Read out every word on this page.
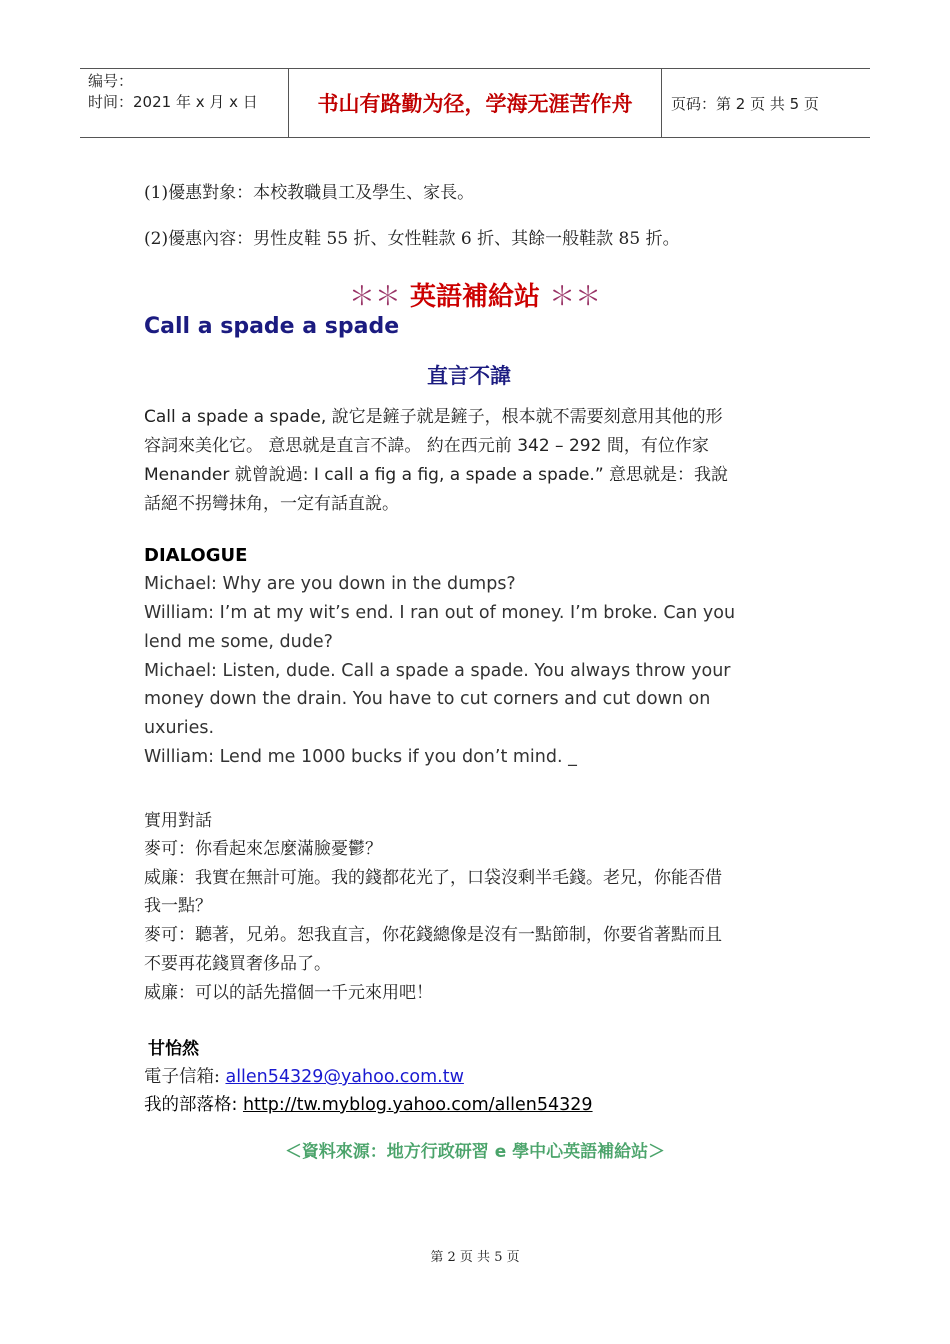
编号：
时间：2021 年 x 月 x 日	书山有路勤为径，学海无涯苦作舟	页码：第 2 页 共 5 页
(1)優惠對象：本校教職員工及學生、家長。
(2)優惠內容：男性皮鞋 55 折、女性鞋款 6 折、其餘一般鞋款 85 折。
＊＊ 英語補給站 ＊＊
Call a spade a spade
直言不諱
Call a spade a spade, 說它是鏟子就是鏟子，根本就不需要刻意用其他的形
容詞來美化它。 意思就是直言不諱。 約在西元前 342 – 292 間，有位作家
Menander 就曾說過: I call a fig a fig, a spade a spade.” 意思就是：我說
話絕不拐彎抹角，一定有話直說。
DIALOGUE
Michael: Why are you down in the dumps?
William: I’m at my wit’s end. I ran out of money. I’m broke. Can you
lend me some, dude?
Michael: Listen, dude. Call a spade a spade. You always throw your
money down the drain. You have to cut corners and cut down on
uxuries.
William: Lend me 1000 bucks if you don’t mind. _
實用對話
麥可：你看起來怎麼滿臉憂鬱？
威廉：我實在無計可施。我的錢都花光了，口袋沒剩半毛錢。老兄，你能否借
我一點？
麥可：聽著，兄弟。恕我直言，你花錢總像是沒有一點節制，你要省著點而且
不要再花錢買奢侈品了。
威廉：可以的話先擋個一千元來用吧！
甘怡然
電子信箱: allen54329@yahoo.com.tw
我的部落格: http://tw.myblog.yahoo.com/allen54329
＜資料來源：地方行政研習 e 學中心英語補給站＞
第 2 页 共 5 页
